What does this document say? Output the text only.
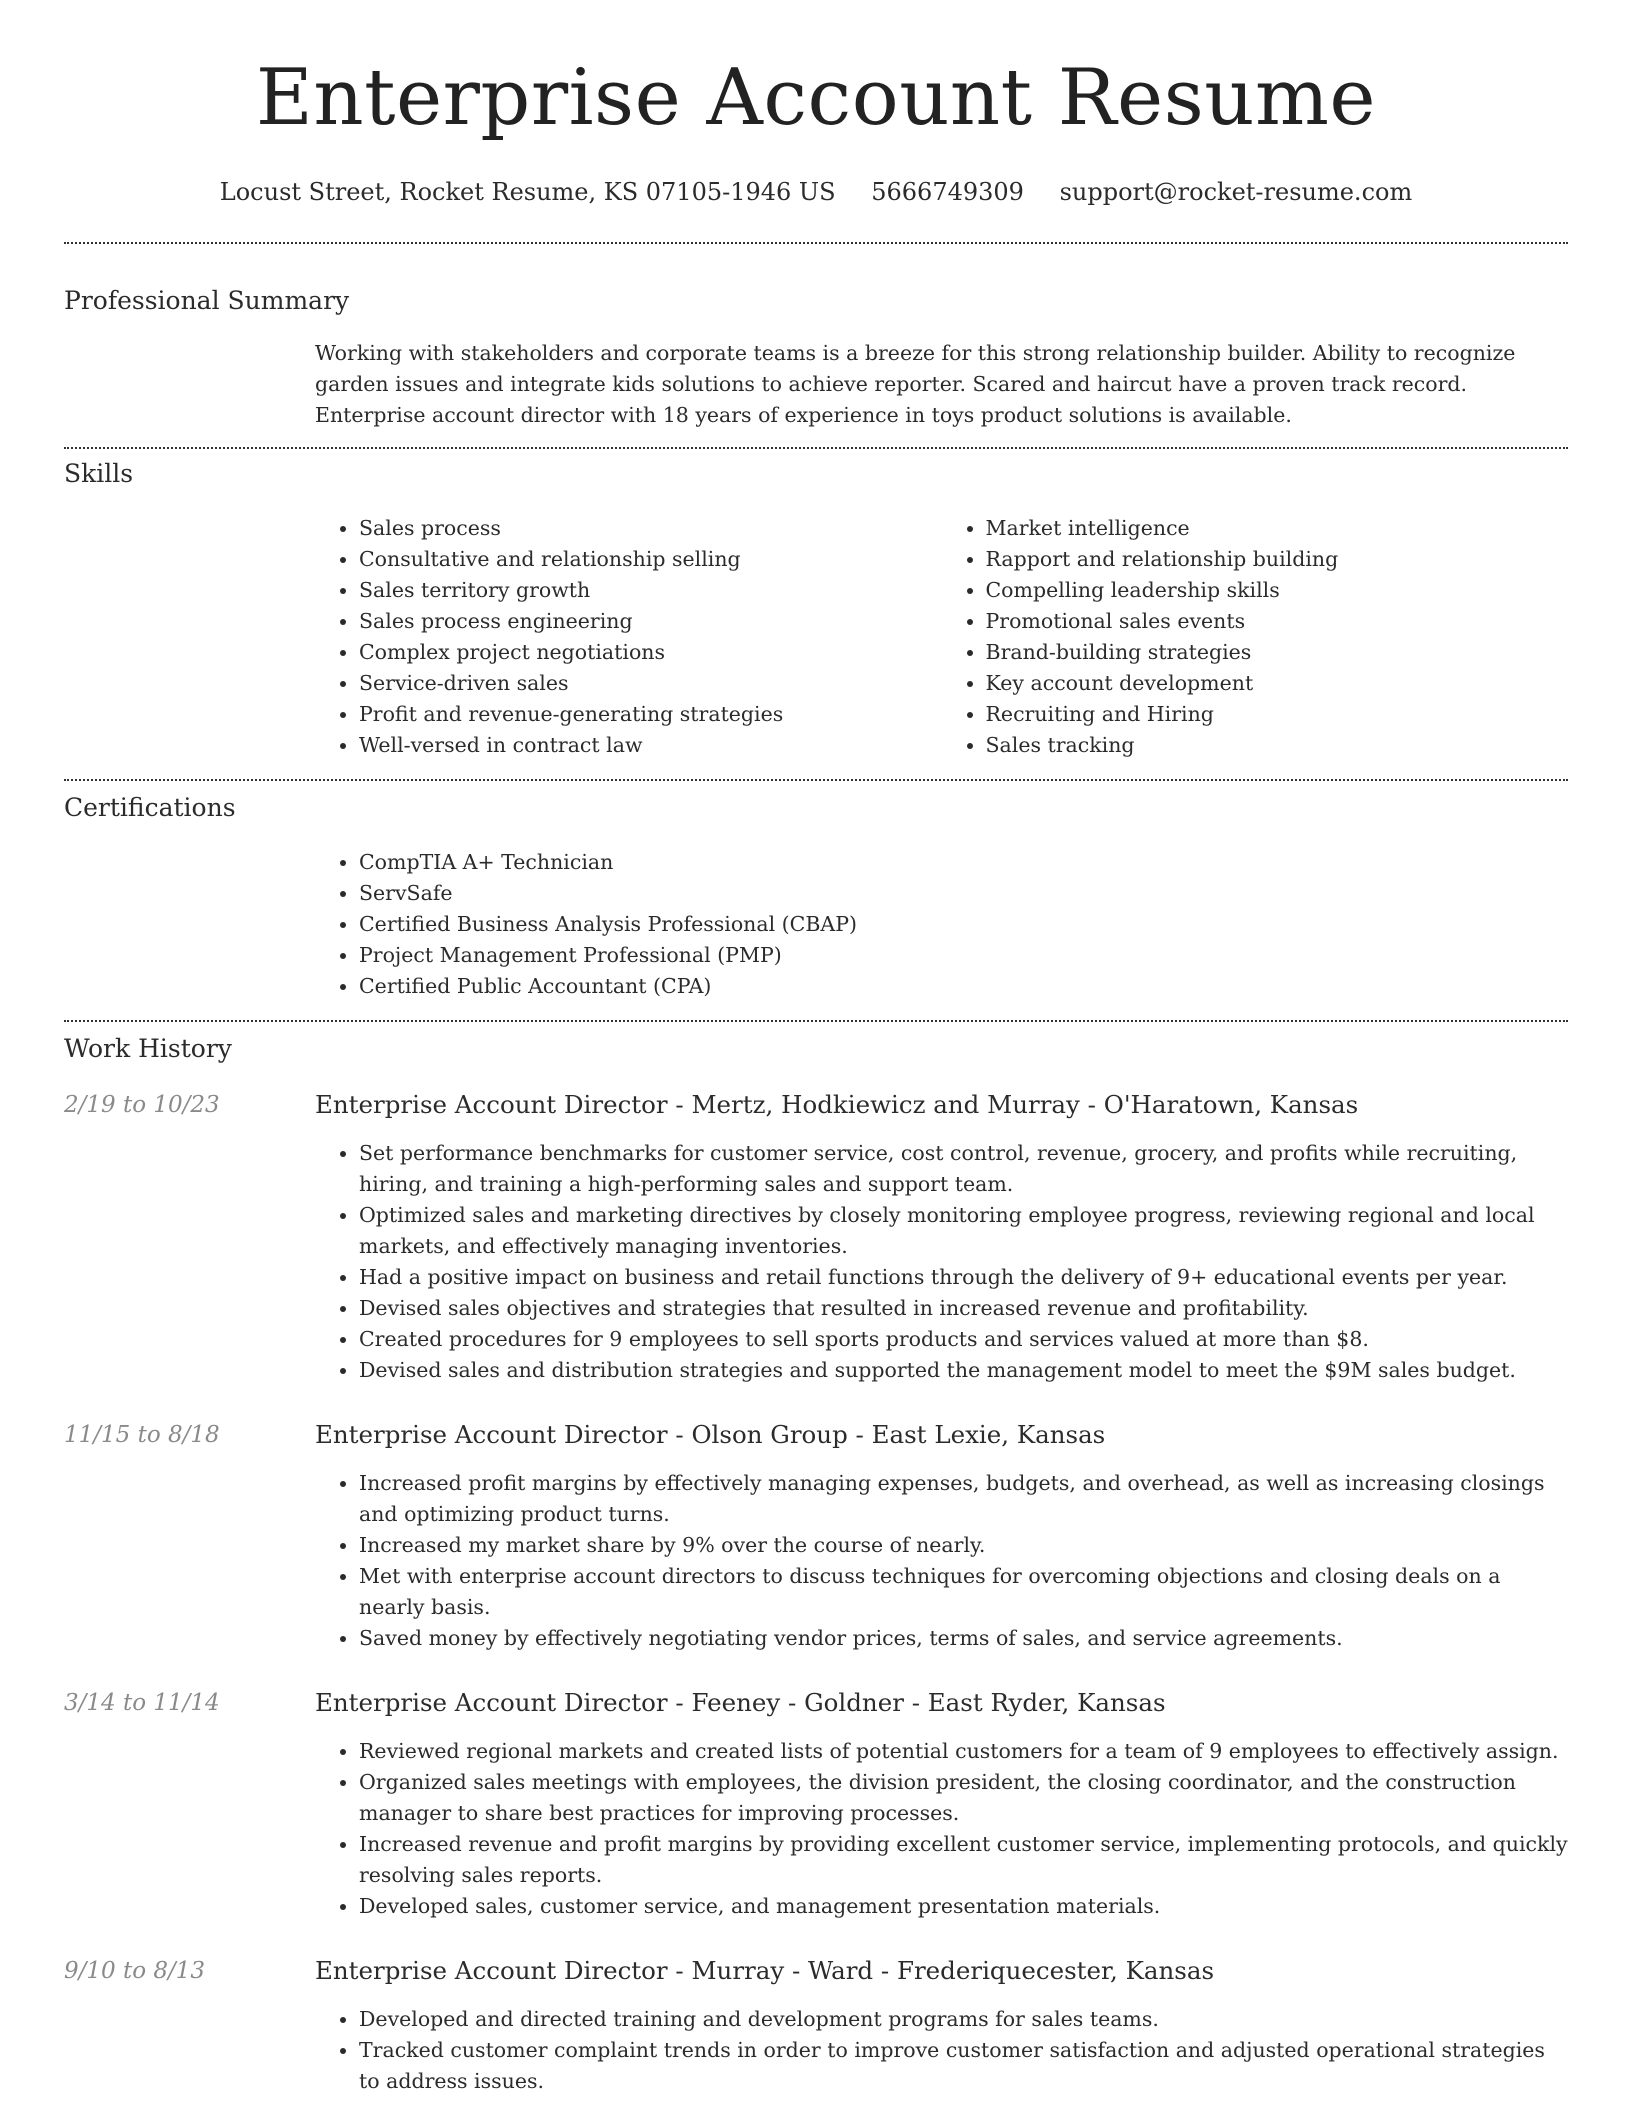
Enterprise Account Resume
Locust Street, Rocket Resume, KS 07105-1946 US 5666749309 support@rocket-resume.com
Professional Summary

Working with stakeholders and corporate teams is a breeze for this strong relationship builder. Ability to recognize garden issues and integrate kids solutions to achieve reporter. Scared and haircut have a proven track record. Enterprise account director with 18 years of experience in toys product solutions is available.

Skills
• Sales process
• Consultative and relationship selling
• Sales territory growth
• Sales process engineering
• Complex project negotiations
• Service-driven sales
• Profit and revenue-generating strategies
• Well-versed in contract law
• Market intelligence
• Rapport and relationship building
• Compelling leadership skills
• Promotional sales events
• Brand-building strategies
• Key account development
• Recruiting and Hiring
• Sales tracking
Certifications
• CompTIA A+ Technician
• ServSafe
• Certified Business Analysis Professional (CBAP)
• Project Management Professional (PMP)
• Certified Public Accountant (CPA)
Work History
2/19 to 10/23	Enterprise Account Director - Mertz, Hodkiewicz and Murray - O'Haratown, Kansas
• Set performance benchmarks for customer service, cost control, revenue, grocery, and profits while recruiting, hiring, and training a high-performing sales and support team.
• Optimized sales and marketing directives by closely monitoring employee progress, reviewing regional and local markets, and effectively managing inventories.
• Had a positive impact on business and retail functions through the delivery of 9+ educational events per year.
• Devised sales objectives and strategies that resulted in increased revenue and profitability.
• Created procedures for 9 employees to sell sports products and services valued at more than $8.
• Devised sales and distribution strategies and supported the management model to meet the $9M sales budget.
11/15 to 8/18	Enterprise Account Director - Olson Group - East Lexie, Kansas
• Increased profit margins by effectively managing expenses, budgets, and overhead, as well as increasing closings and optimizing product turns.
• Increased my market share by 9% over the course of nearly.
• Met with enterprise account directors to discuss techniques for overcoming objections and closing deals on a nearly basis.
• Saved money by effectively negotiating vendor prices, terms of sales, and service agreements.
3/14 to 11/14	Enterprise Account Director - Feeney - Goldner - East Ryder, Kansas
• Reviewed regional markets and created lists of potential customers for a team of 9 employees to effectively assign.
• Organized sales meetings with employees, the division president, the closing coordinator, and the construction manager to share best practices for improving processes.
• Increased revenue and profit margins by providing excellent customer service, implementing protocols, and quickly resolving sales reports.
• Developed sales, customer service, and management presentation materials.
9/10 to 8/13	Enterprise Account Director - Murray - Ward - Frederiquecester, Kansas
• Developed and directed training and development programs for sales teams.
• Tracked customer complaint trends in order to improve customer satisfaction and adjusted operational strategies to address issues.
